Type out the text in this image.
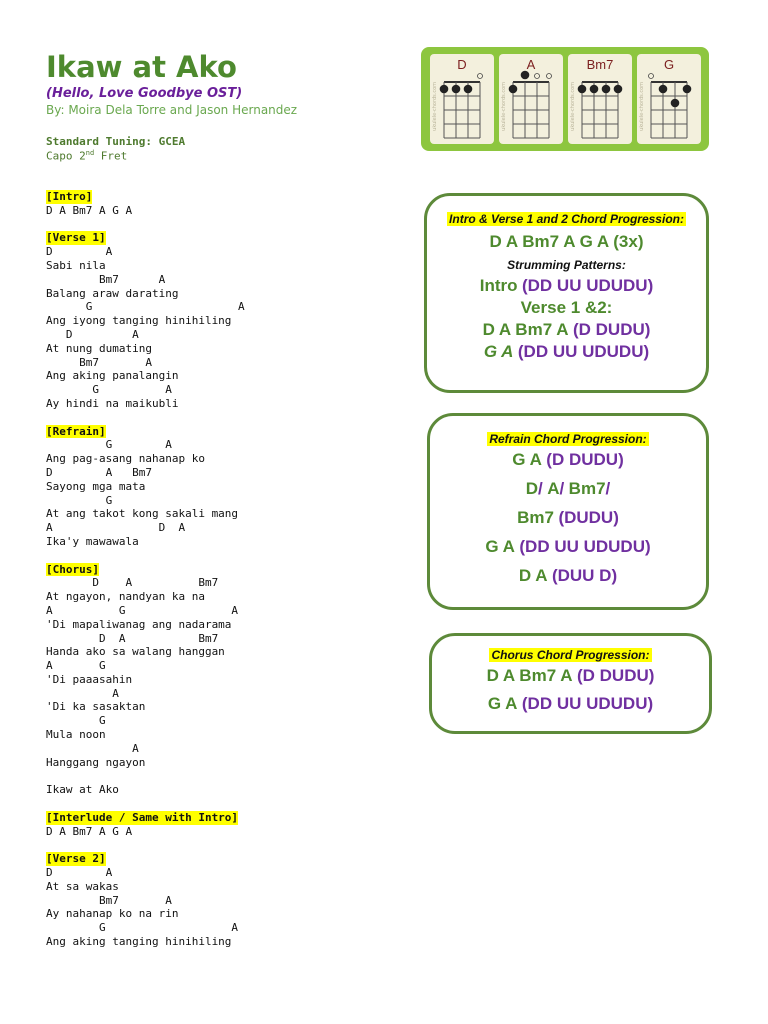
Ikaw at Ako
(Hello, Love Goodbye OST)
By: Moira Dela Torre and Jason Hernandez
Standard Tuning: GCEA
Capo 2nd Fret
[Intro]
D A Bm7 A G A
[Verse 1]
D        A
Sabi nila
Bm7      A
Balang araw darating
G                      A
Ang iyong tanging hinihiling
D         A
At nung dumating
Bm7       A
Ang aking panalangin
G          A
Ay hindi na maikubli
[Refrain]
G        A
Ang pag-asang nahanap ko
D        A   Bm7
Sayong mga mata
G
At ang takot kong sakali mang
A                D  A
Ika'y mawawala
[Chorus]
D    A          Bm7
At ngayon, nandyan ka na
A          G                A
'Di mapaliwanag ang nadarama
D  A           Bm7
Handa ako sa walang hanggan
A       G
'Di paaasahin
A
'Di ka sasaktan
G
Mula noon
A
Hanggang ngayon
Ikaw at Ako
[Interlude / Same with Intro]
D A Bm7 A G A
[Verse 2]
D        A
At sa wakas
Bm7       A
Ay nahanap ko na rin
G                   A
Ang aking tanging hinihiling
D
ukulele-chords.com
A
ukulele-chords.com
Bm7
ukulele-chords.com
G
ukulele-chords.com
Intro & Verse 1 and 2 Chord Progression:
D A Bm7 A G A (3x)
Strumming Patterns:
Intro (DD UU UDUDU)
Verse 1 &2:
D A Bm7 A (D DUDU)
G A (DD UU UDUDU)
Refrain Chord Progression:
G A (D DUDU)
D/ A/ Bm7/
Bm7 (DUDU)
G A (DD UU UDUDU)
D A (DUU D)
Chorus Chord Progression:
D A Bm7 A (D DUDU)
G A (DD UU UDUDU)
